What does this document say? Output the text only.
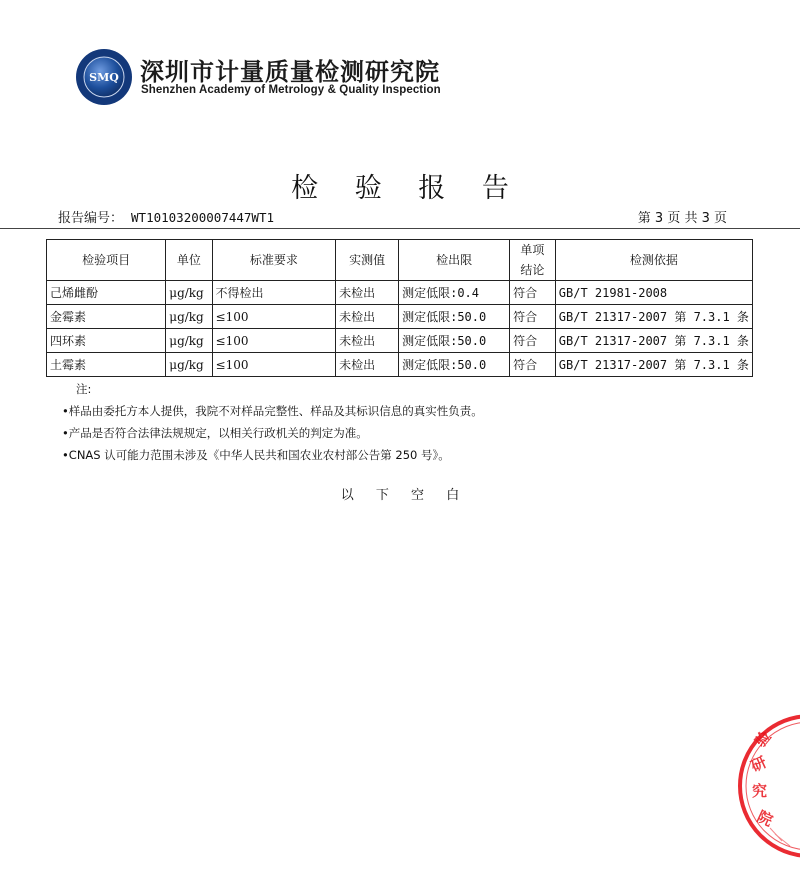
SMQ 深圳市计量质量检测研究院
Shenzhen Academy of Metrology & Quality Inspection
检 验 报 告
报告编号： WT10103200007447WT1	第 3 页 共 3 页
检验项目	单位	标准要求	实测值	检出限	单项结论	检测依据
己烯雌酚	μg/kg	不得检出	未检出	测定低限:0.4	符合	GB/T 21981-2008
金霉素	μg/kg	≤100	未检出	测定低限:50.0	符合	GB/T 21317-2007 第 7.3.1 条
四环素	μg/kg	≤100	未检出	测定低限:50.0	符合	GB/T 21317-2007 第 7.3.1 条
土霉素	μg/kg	≤100	未检出	测定低限:50.0	符合	GB/T 21317-2007 第 7.3.1 条
注:
•样品由委托方本人提供，我院不对样品完整性、样品及其标识信息的真实性负责。
•产品是否符合法律法规规定，以相关行政机关的判定为准。
•CNAS 认可能力范围未涉及《中华人民共和国农业农村部公告第 250 号》。
以 下 空 白
验
研
究
院
